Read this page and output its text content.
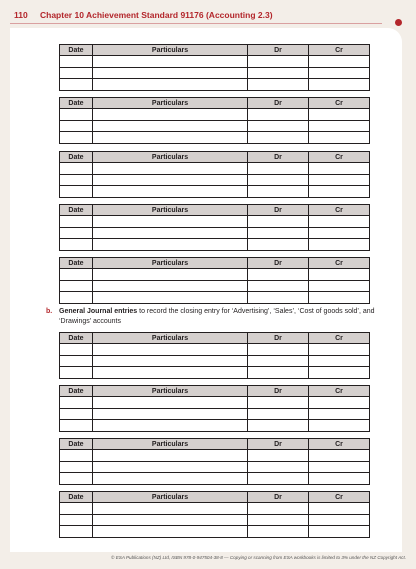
110	Chapter 10 Achievement Standard 91176 (Accounting 2.3)
Date	Particulars	Dr	Cr

Date	Particulars	Dr	Cr

Date	Particulars	Dr	Cr

Date	Particulars	Dr	Cr

Date	Particulars	Dr	Cr

b. General Journal entries to record the closing entry for ‘Advertising’, ‘Sales’, ‘Cost of goods sold’, and ‘Drawings’ accounts
Date	Particulars	Dr	Cr

Date	Particulars	Dr	Cr

Date	Particulars	Dr	Cr

Date	Particulars	Dr	Cr

© ESA Publications (NZ) Ltd, ISBN 978-0-947504-38-8 — Copying or scanning from ESA workbooks is limited to 3% under the NZ Copyright Act.
